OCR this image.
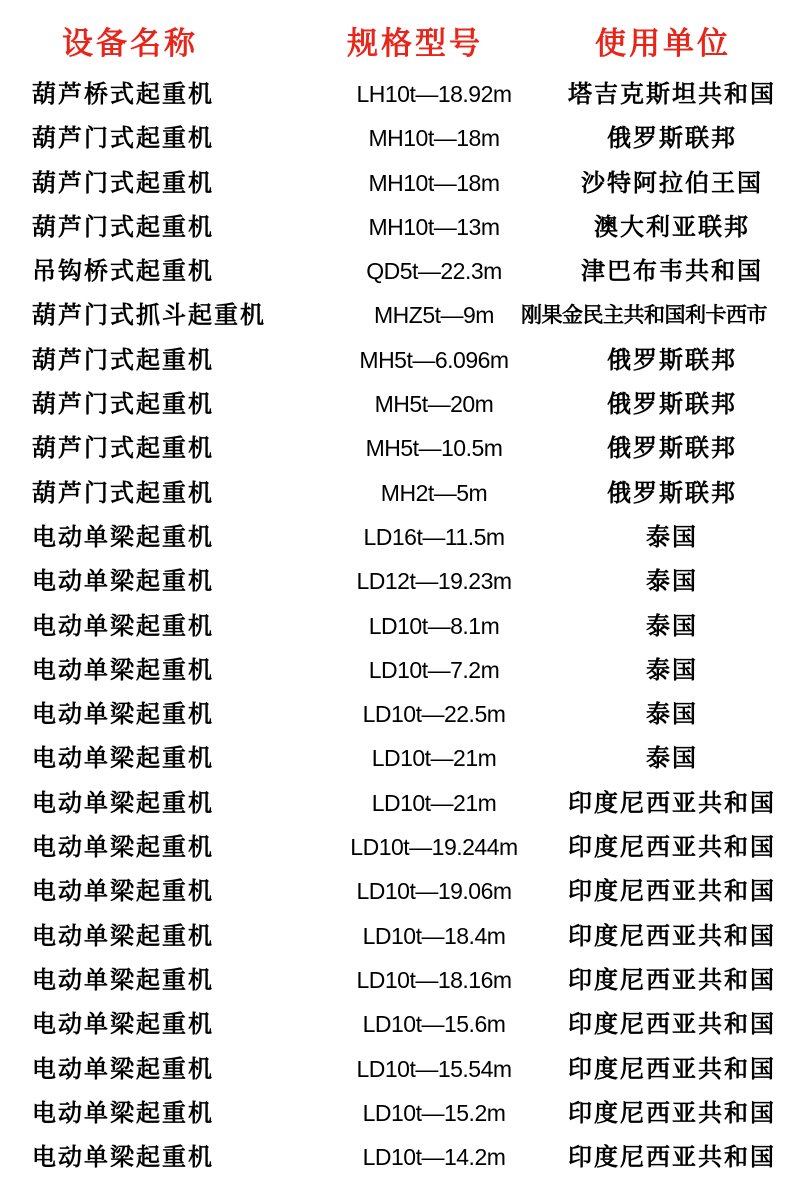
设备名称	规格型号	使用单位
葫芦桥式起重机	LH10t—18.92m	塔吉克斯坦共和国
葫芦门式起重机	MH10t—18m	俄罗斯联邦
葫芦门式起重机	MH10t—18m	沙特阿拉伯王国
葫芦门式起重机	MH10t—13m	澳大利亚联邦
吊钩桥式起重机	QD5t—22.3m	津巴布韦共和国
葫芦门式抓斗起重机	MHZ5t—9m	刚果金民主共和国利卡西市
葫芦门式起重机	MH5t—6.096m	俄罗斯联邦
葫芦门式起重机	MH5t—20m	俄罗斯联邦
葫芦门式起重机	MH5t—10.5m	俄罗斯联邦
葫芦门式起重机	MH2t—5m	俄罗斯联邦
电动单梁起重机	LD16t—11.5m	泰国
电动单梁起重机	LD12t—19.23m	泰国
电动单梁起重机	LD10t—8.1m	泰国
电动单梁起重机	LD10t—7.2m	泰国
电动单梁起重机	LD10t—22.5m	泰国
电动单梁起重机	LD10t—21m	泰国
电动单梁起重机	LD10t—21m	印度尼西亚共和国
电动单梁起重机	LD10t—19.244m	印度尼西亚共和国
电动单梁起重机	LD10t—19.06m	印度尼西亚共和国
电动单梁起重机	LD10t—18.4m	印度尼西亚共和国
电动单梁起重机	LD10t—18.16m	印度尼西亚共和国
电动单梁起重机	LD10t—15.6m	印度尼西亚共和国
电动单梁起重机	LD10t—15.54m	印度尼西亚共和国
电动单梁起重机	LD10t—15.2m	印度尼西亚共和国
电动单梁起重机	LD10t—14.2m	印度尼西亚共和国
